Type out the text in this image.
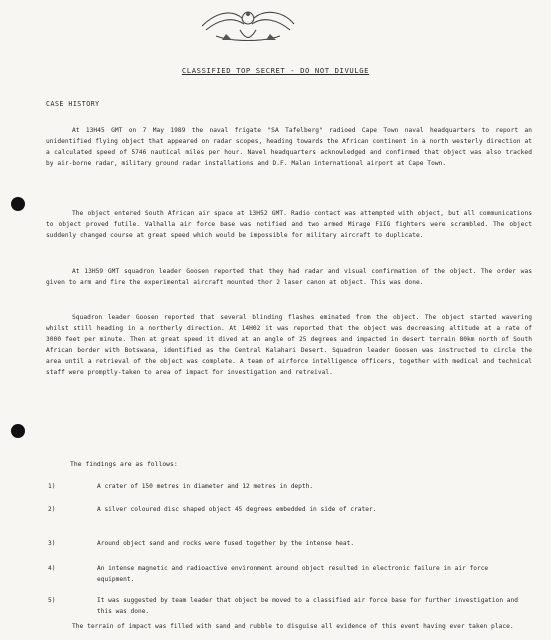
CLASSIFIED TOP SECRET - DO NOT DIVULGE
CASE HISTORY

At 13H45 GMT on 7 May 1989 the naval frigate "SA Tafelberg" radioed Cape Town naval headquarters to report an unidentified flying object that appeared on radar scopes, heading towards the African continent in a north westerly direction at a calculated speed of 5746 nautical miles per hour. Navel headquarters acknowledged and confirmed that object was also tracked by air-borne radar, military ground radar installations and D.F. Malan international airport at Cape Town.

The object entered South African air space at 13H52 GMT. Radio contact was attempted with object, but all communications to object proved futile. Valhalla air force base was notified and two armed Mirage F1IG fighters were scrambled. The object suddenly changed course at great speed which would be impossible for military aircraft to duplicate.

At 13H59 GMT squadron leader Goosen reported that they had radar and visual confirmation of the object. The order was given to arm and fire the experimental aircraft mounted thor 2 laser canon at object. This was done.

Squadron leader Goosen reported that several blinding flashes eminated from the object. The object started wavering whilst still heading in a northerly direction. At 14H02 it was reported that the object was decreasing altitude at a rate of 3000 feet per minute. Then at great speed it dived at an angle of 25 degrees and impacted in desert terrain 80km north of South African border with Botswana, identified as the Central Kalahari Desert. Squadron leader Goosen was instructed to circle the area until a retrieval of the object was complete. A team of airforce intelligence officers, together with medical and technical staff were promptly-taken to area of impact for investigation and retreival.

The findings are as follows:
1)	A crater of 150 metres in diameter and 12 metres in depth.

2)	A silver coloured disc shaped object 45 degrees embedded in side of crater.

3)	Around object sand and rocks were fused together by the intense heat.

4)	An intense magnetic and radioactive environment around object resulted in electronic failure in air force equipment.

5)	It was suggested by team leader that object be moved to a classified air force base for further investigation and this was done.

The terrain of impact was filled with sand and rubble to disguise all evidence of this event having ever taken place.
